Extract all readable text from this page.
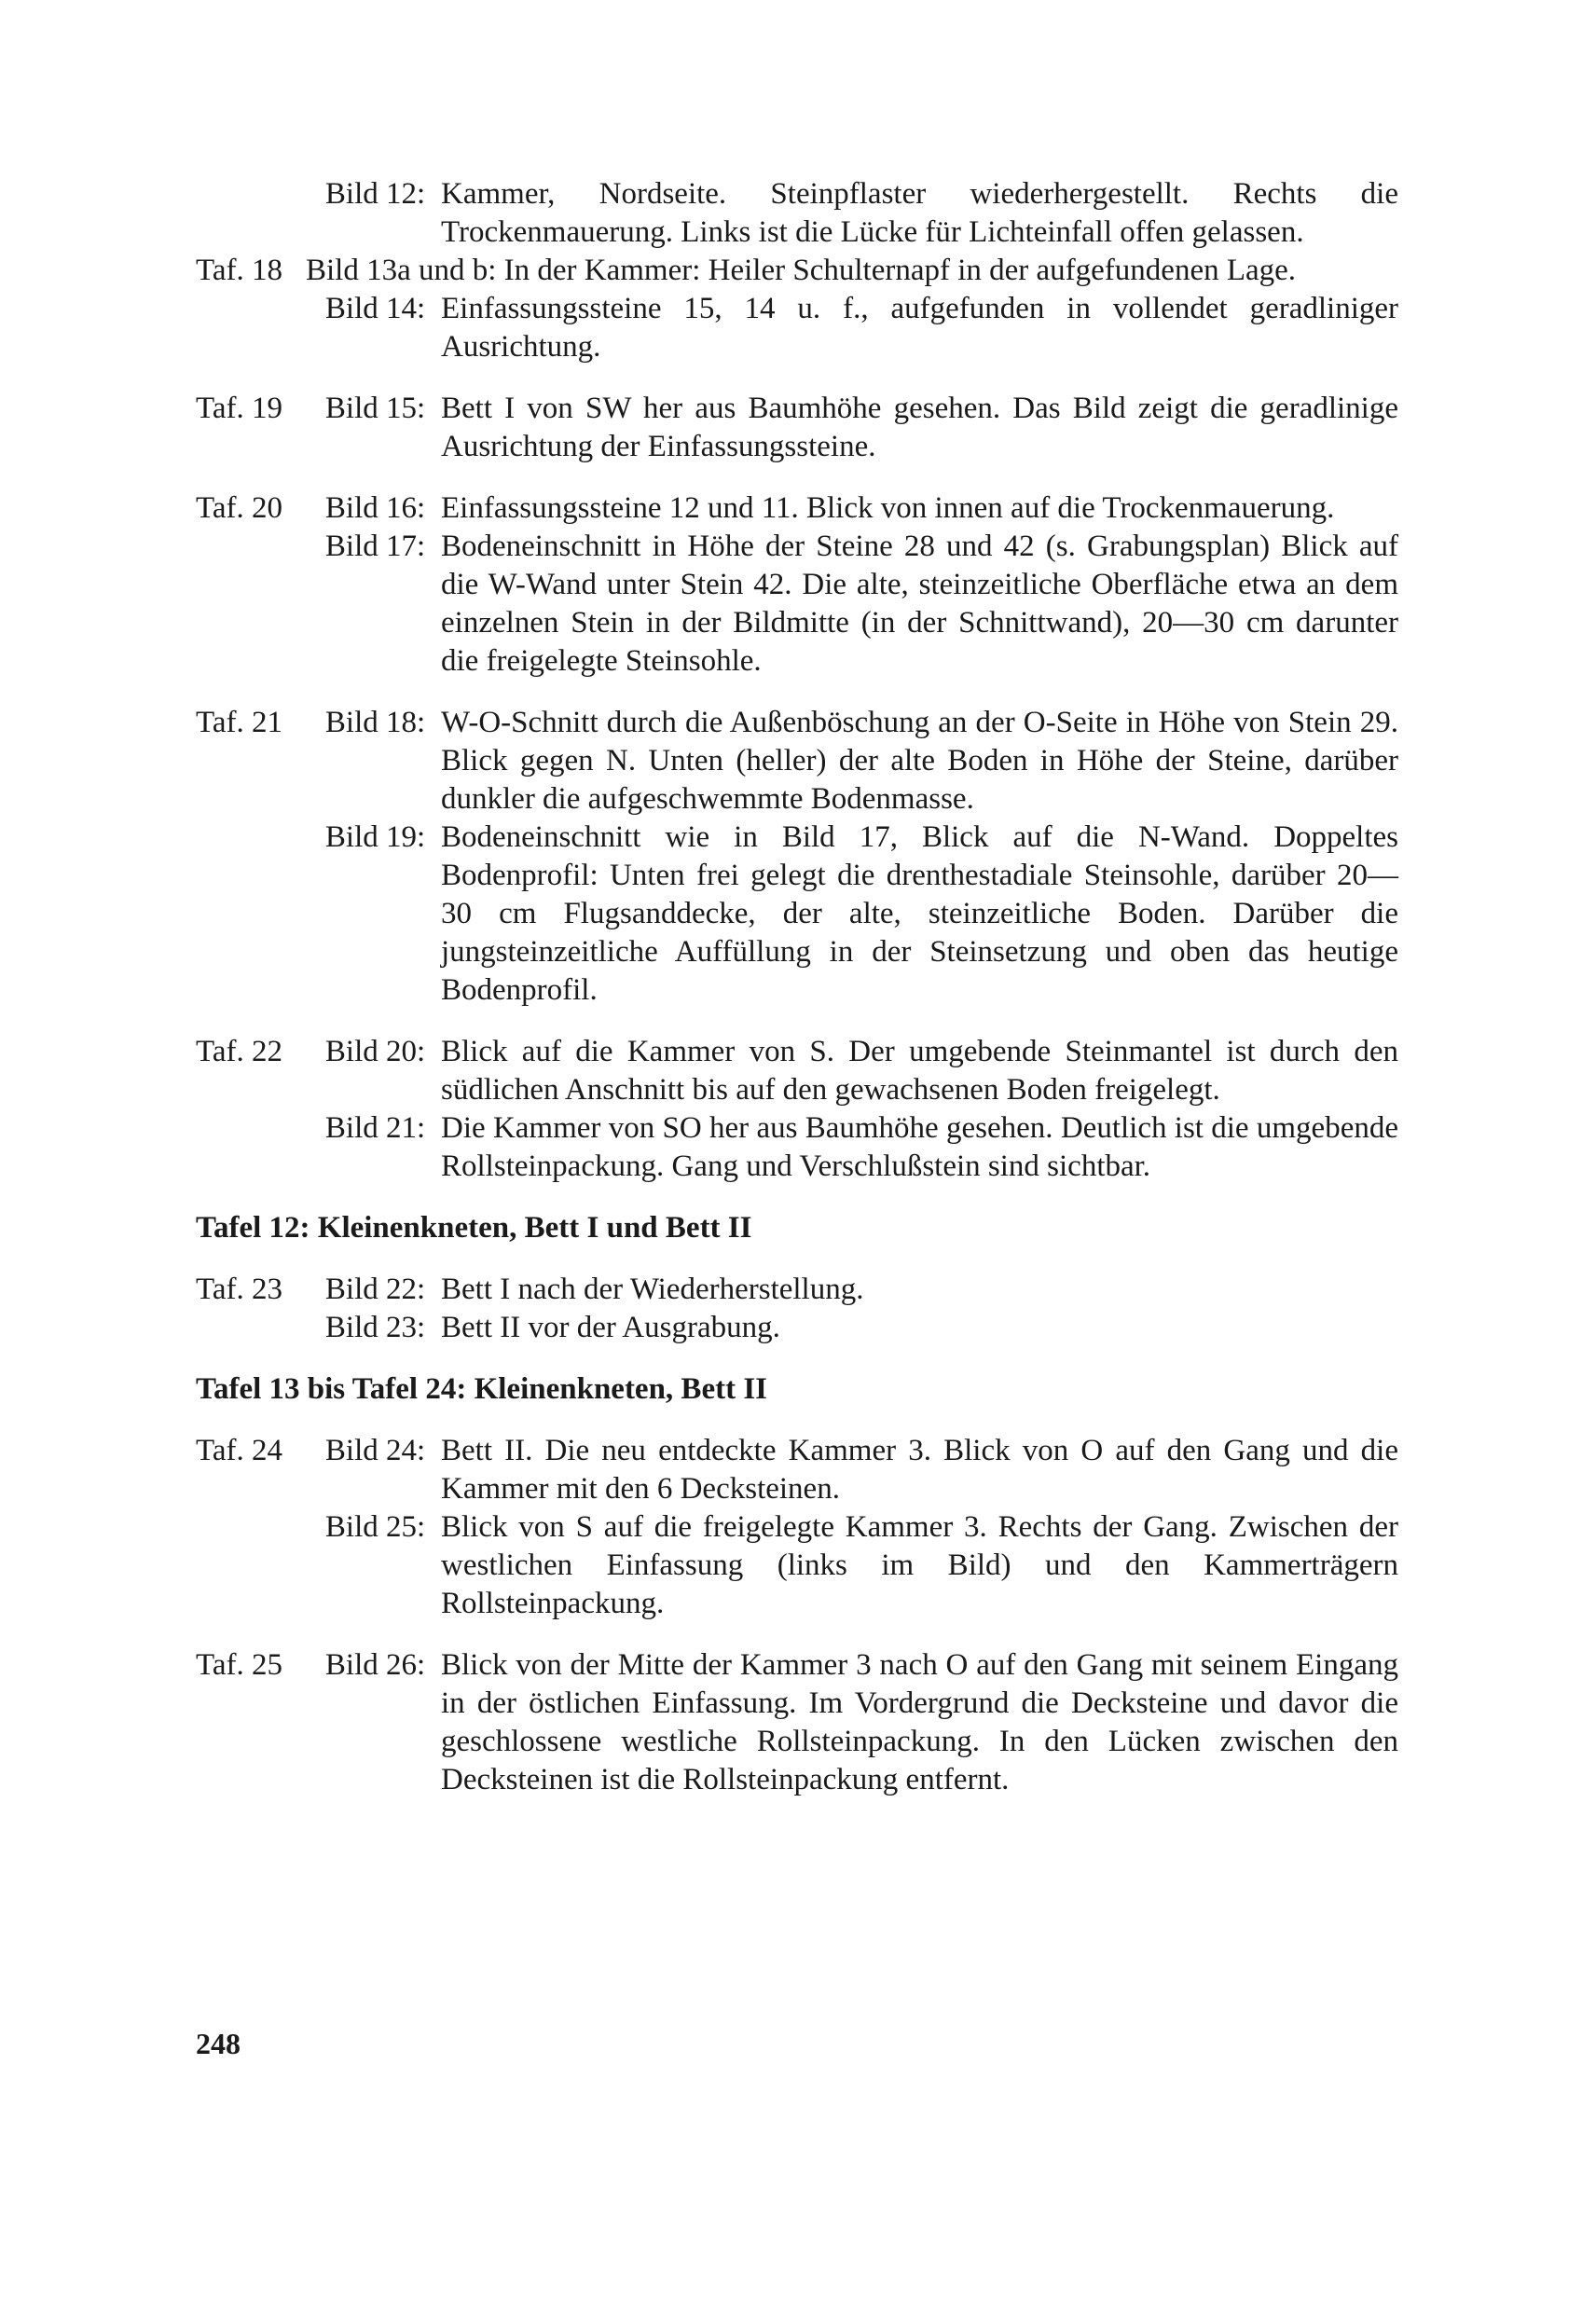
Bild 12: Kammer, Nordseite. Steinpflaster wiederhergestellt. Rechts die Trockenmauerung. Links ist die Lücke für Lichteinfall offen gelassen.
Taf. 18 Bild 13a und b: In der Kammer: Heiler Schulternapf in der aufgefundenen Lage.
Bild 14: Einfassungssteine 15, 14 u. f., aufgefunden in vollendet geradliniger Ausrichtung.
Taf. 19	Bild 15: Bett I von SW her aus Baumhöhe gesehen. Das Bild zeigt die geradlinige Ausrichtung der Einfassungssteine.
Taf. 20	Bild 16: Einfassungssteine 12 und 11. Blick von innen auf die Trockenmauerung.
Bild 17: Bodeneinschnitt in Höhe der Steine 28 und 42 (s. Grabungsplan) Blick auf die W-Wand unter Stein 42. Die alte, steinzeitliche Oberfläche etwa an dem einzelnen Stein in der Bildmitte (in der Schnittwand), 20—30 cm darunter die freigelegte Steinsohle.
Taf. 21	Bild 18: W-O-Schnitt durch die Außenböschung an der O-Seite in Höhe von Stein 29. Blick gegen N. Unten (heller) der alte Boden in Höhe der Steine, darüber dunkler die aufgeschwemmte Bodenmasse.
Bild 19: Bodeneinschnitt wie in Bild 17, Blick auf die N-Wand. Doppeltes Bodenprofil: Unten frei gelegt die drenthestadiale Steinsohle, darüber 20—30 cm Flugsanddecke, der alte, steinzeitliche Boden. Darüber die jungsteinzeitliche Auffüllung in der Steinsetzung und oben das heutige Bodenprofil.
Taf. 22	Bild 20: Blick auf die Kammer von S. Der umgebende Steinmantel ist durch den südlichen Anschnitt bis auf den gewachsenen Boden freigelegt.
Bild 21: Die Kammer von SO her aus Baumhöhe gesehen. Deutlich ist die umgebende Rollsteinpackung. Gang und Verschlußstein sind sichtbar.
Tafel 12: Kleinenkneten, Bett I und Bett II
Taf. 23	Bild 22: Bett I nach der Wiederherstellung.
Bild 23: Bett II vor der Ausgrabung.
Tafel 13 bis Tafel 24: Kleinenkneten, Bett II
Taf. 24	Bild 24: Bett II. Die neu entdeckte Kammer 3. Blick von O auf den Gang und die Kammer mit den 6 Decksteinen.
Bild 25: Blick von S auf die freigelegte Kammer 3. Rechts der Gang. Zwischen der westlichen Einfassung (links im Bild) und den Kammerträgern Rollsteinpackung.
Taf. 25	Bild 26: Blick von der Mitte der Kammer 3 nach O auf den Gang mit seinem Eingang in der östlichen Einfassung. Im Vordergrund die Decksteine und davor die geschlossene westliche Rollsteinpackung. In den Lücken zwischen den Decksteinen ist die Rollsteinpackung entfernt.
248
